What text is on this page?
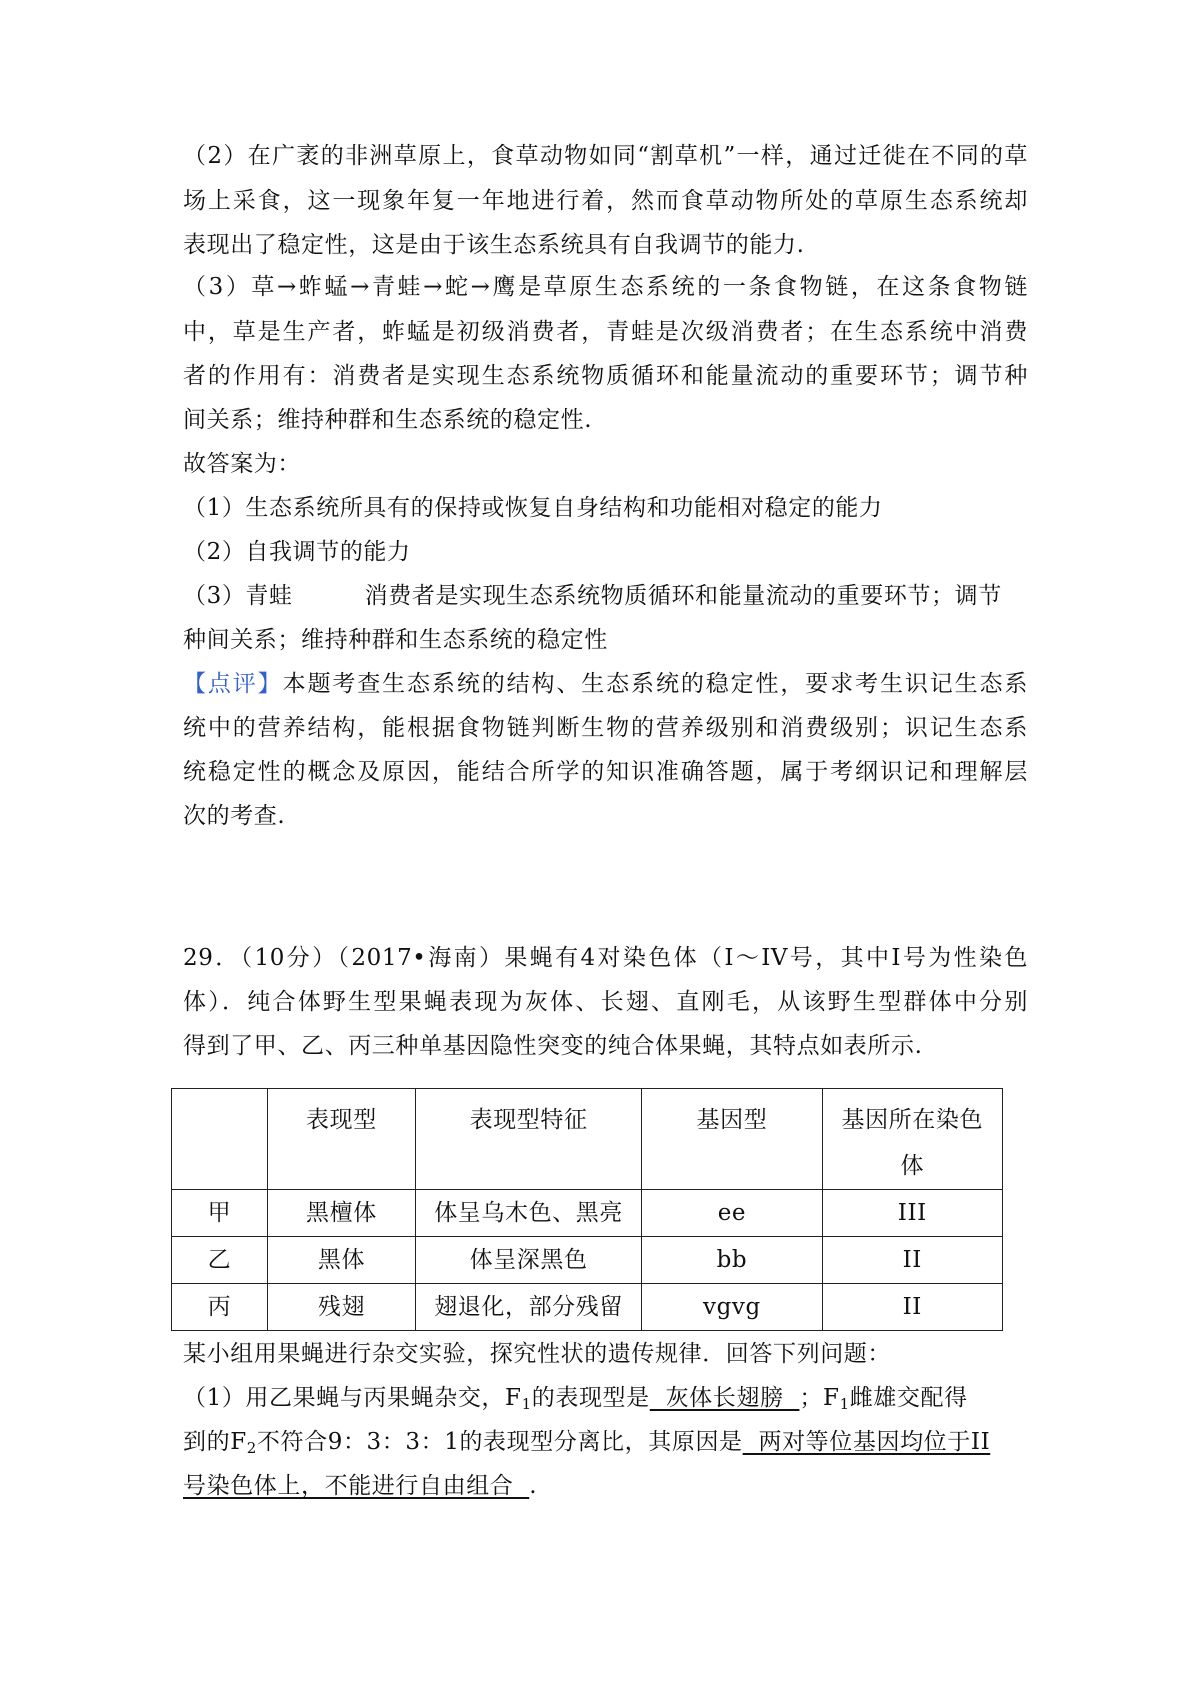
（2）在广袤的非洲草原上，食草动物如同“割草机”一样，通过迁徙在不同的草
场上采食，这一现象年复一年地进行着，然而食草动物所处的草原生态系统却
表现出了稳定性，这是由于该生态系统具有自我调节的能力.
（3）草→蚱蜢→青蛙→蛇→鹰是草原生态系统的一条食物链，在这条食物链
中，草是生产者，蚱蜢是初级消费者，青蛙是次级消费者；在生态系统中消费
者的作用有：消费者是实现生态系统物质循环和能量流动的重要环节；调节种
间关系；维持种群和生态系统的稳定性.
故答案为：
（1）生态系统所具有的保持或恢复自身结构和功能相对稳定的能力
（2）自我调节的能力
（3）青蛙	消费者是实现生态系统物质循环和能量流动的重要环节；调节
种间关系；维持种群和生态系统的稳定性
【点评】本题考查生态系统的结构、生态系统的稳定性，要求考生识记生态系
统中的营养结构，能根据食物链判断生物的营养级别和消费级别；识记生态系
统稳定性的概念及原因，能结合所学的知识准确答题，属于考纲识记和理解层
次的考查.
29．（10分）（2017•海南）果蝇有4对染色体（I～IV号，其中I号为性染色
体）．纯合体野生型果蝇表现为灰体、长翅、直刚毛，从该野生型群体中分别
得到了甲、乙、丙三种单基因隐性突变的纯合体果蝇，其特点如表所示.
	表现型	表现型特征	基因型	基因所在染色体

甲	黑檀体	体呈乌木色、黑亮	ee	III
乙	黑体	体呈深黑色	bb	II
丙	残翅	翅退化，部分残留	vgvg	II
某小组用果蝇进行杂交实验，探究性状的遗传规律．回答下列问题：
（1）用乙果蝇与丙果蝇杂交，$F_1$的表现型是  灰体长翅膀  ；$F_1$雌雄交配得
到的$F_2$不符合9：3：3：1的表现型分离比，其原因是  两对等位基因均位于II
号染色体上，不能进行自由组合  .
